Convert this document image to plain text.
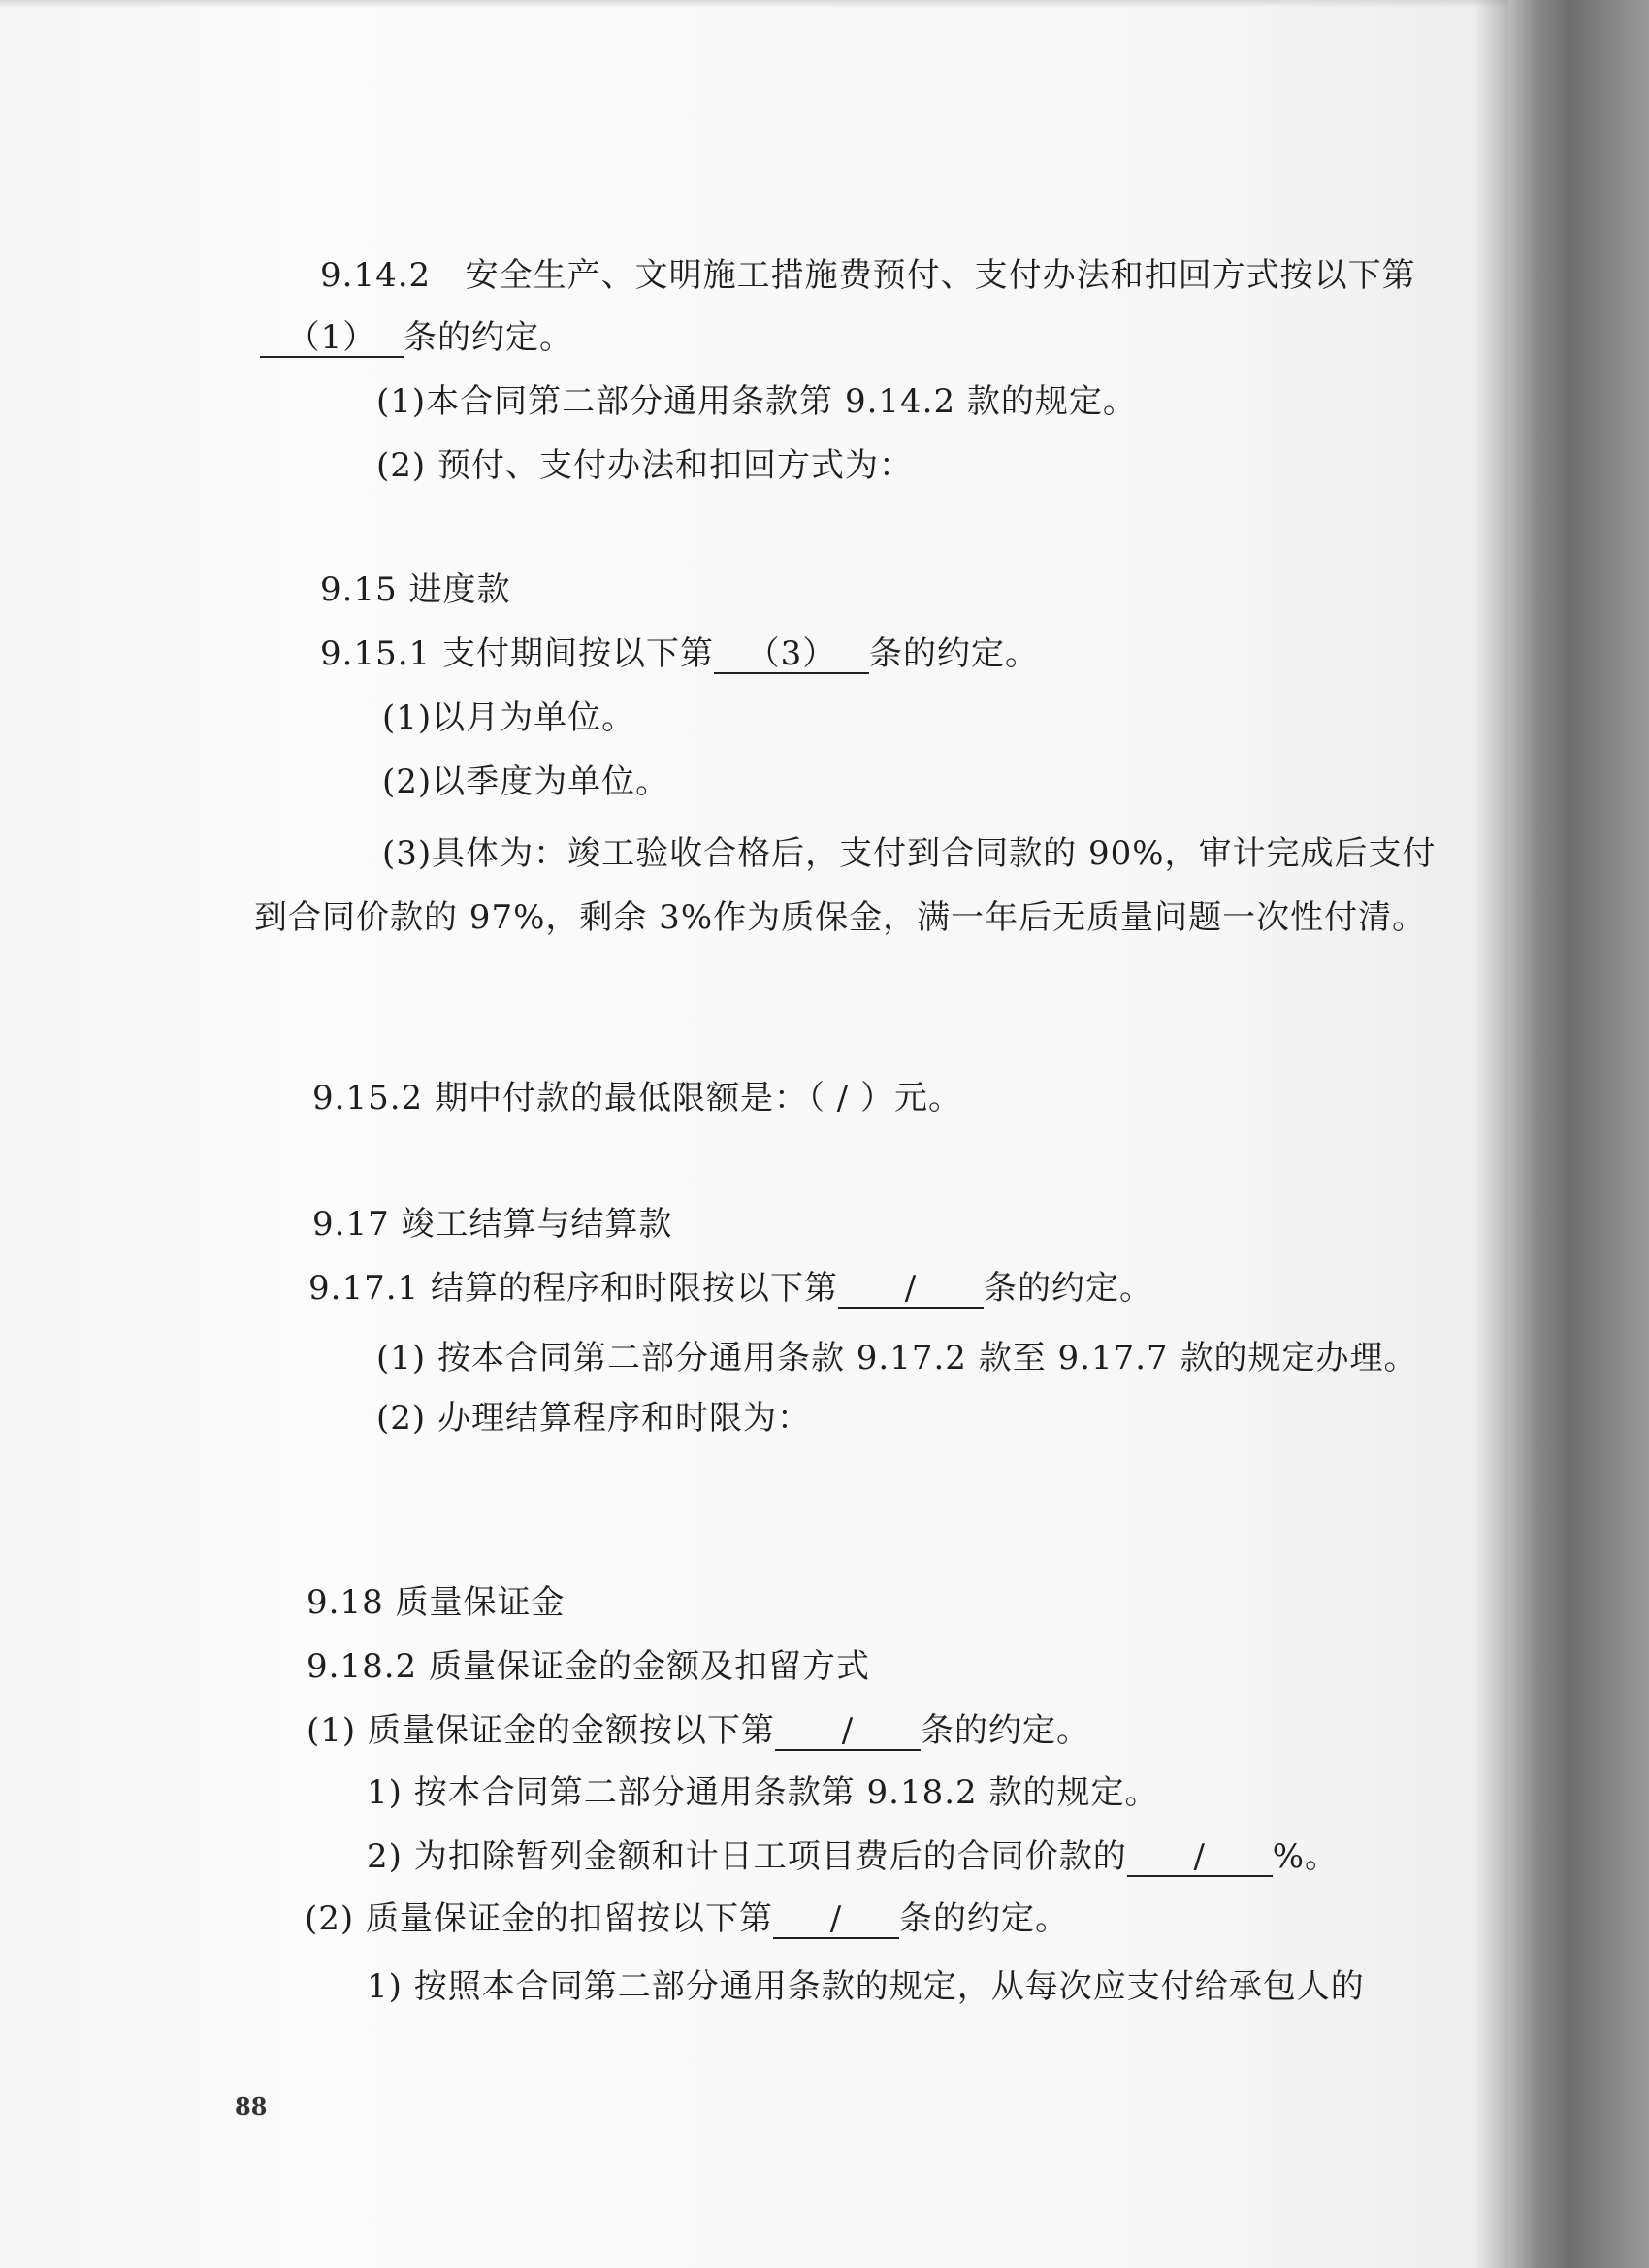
9.14.2 安全生产、文明施工措施费预付、支付办法和扣回方式按以下第
（1） 条的约定。
(1)本合同第二部分通用条款第 9.14.2 款的规定。
(2) 预付、支付办法和扣回方式为：
9.15 进度款
9.15.1 支付期间按以下第 （3） 条的约定。
(1)以月为单位。
(2)以季度为单位。
(3)具体为：竣工验收合格后，支付到合同款的 90%，审计完成后支付
到合同价款的 97%，剩余 3%作为质保金，满一年后无质量问题一次性付清。
9.15.2 期中付款的最低限额是：（ / ）元。
9.17 竣工结算与结算款
9.17.1 结算的程序和时限按以下第 / 条的约定。
(1) 按本合同第二部分通用条款 9.17.2 款至 9.17.7 款的规定办理。
(2) 办理结算程序和时限为：
9.18 质量保证金
9.18.2 质量保证金的金额及扣留方式
(1) 质量保证金的金额按以下第 / 条的约定。
1) 按本合同第二部分通用条款第 9.18.2 款的规定。
2) 为扣除暂列金额和计日工项目费后的合同价款的 / %。
(2) 质量保证金的扣留按以下第 / 条的约定。
1) 按照本合同第二部分通用条款的规定，从每次应支付给承包人的
88
